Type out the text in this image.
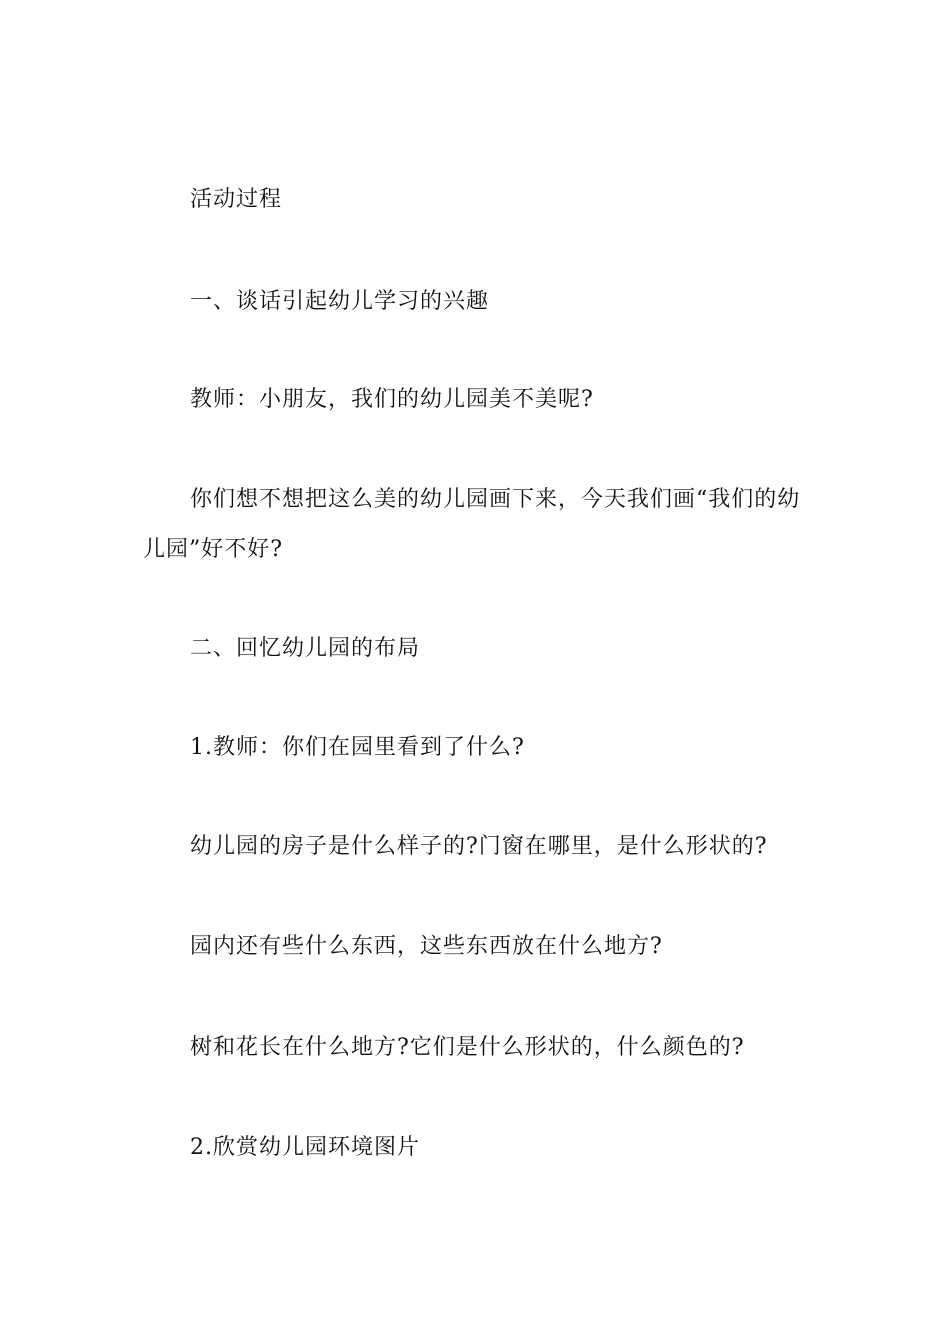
活动过程
一、谈话引起幼儿学习的兴趣
教师：小朋友，我们的幼儿园美不美呢?
你们想不想把这么美的幼儿园画下来，今天我们画“我们的幼
儿园”好不好?
二、回忆幼儿园的布局
1.教师：你们在园里看到了什么?
幼儿园的房子是什么样子的?门窗在哪里，是什么形状的?
园内还有些什么东西，这些东西放在什么地方?
树和花长在什么地方?它们是什么形状的，什么颜色的?
2.欣赏幼儿园环境图片
